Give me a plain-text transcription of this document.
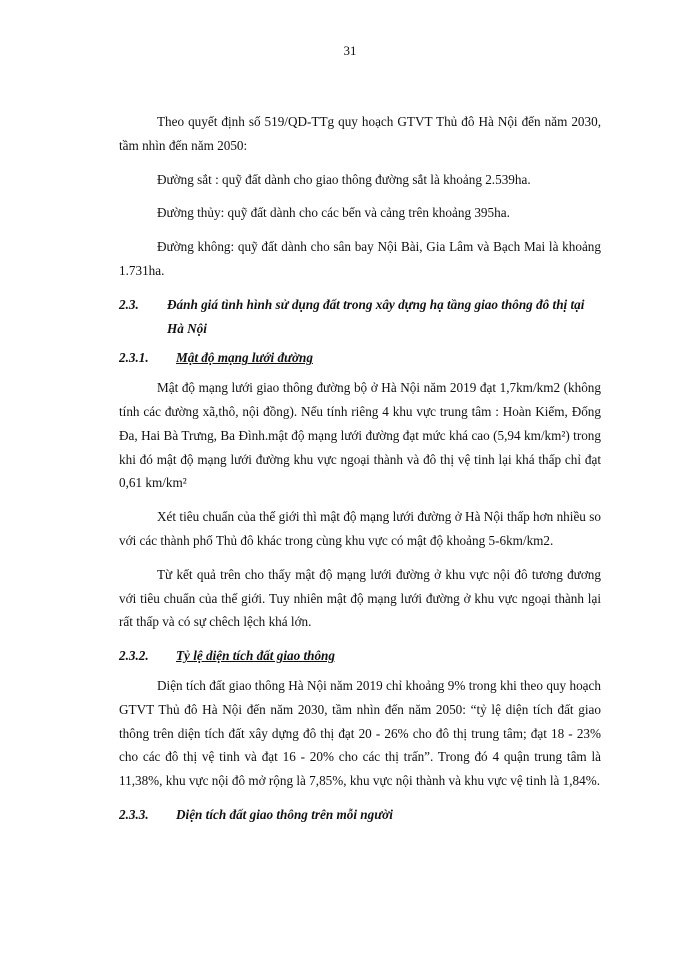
31

Theo quyết định số 519/QD-TTg quy hoạch GTVT Thủ đô Hà Nội đến năm 2030, tầm nhìn đến năm 2050:

Đường sắt : quỹ đất dành cho giao thông đường sắt là khoảng 2.539ha.

Đường thủy: quỹ đất dành cho các bến và cảng trên khoảng 395ha.

Đường không: quỹ đất dành cho sân bay Nội Bài, Gia Lâm và Bạch Mai là khoảng 1.731ha.

2.3.	Đánh giá tình hình sử dụng đất trong xây dựng hạ tầng giao thông đô thị tại Hà Nội
2.3.1. Mật độ mạng lưới đường

Mật độ mạng lưới giao thông đường bộ ở Hà Nội năm 2019 đạt 1,7km/km2 (không tính các đường xã,thô, nội đồng). Nếu tính riêng 4 khu vực trung tâm : Hoàn Kiếm, Đống Đa, Hai Bà Trưng, Ba Đình.mật độ mạng lưới đường đạt mức khá cao (5,94 km/km²) trong khi đó mật độ mạng lưới đường khu vực ngoại thành và đô thị vệ tinh lại khá thấp chỉ đạt 0,61 km/km²

Xét tiêu chuẩn của thế giới thì mật độ mạng lưới đường ở Hà Nội thấp hơn nhiều so với các thành phố Thủ đô khác trong cùng khu vực có mật độ khoảng 5-6km/km2.

Từ kết quả trên cho thấy mật độ mạng lưới đường ở khu vực nội đô tương đương với tiêu chuẩn của thế giới. Tuy nhiên mật độ mạng lưới đường ở khu vực ngoại thành lại rất thấp và có sự chêch lệch khá lớn.

2.3.2. Tỷ lệ diện tích đất giao thông

Diện tích đất giao thông Hà Nội năm 2019 chỉ khoảng 9% trong khi theo quy hoạch GTVT Thủ đô Hà Nội đến năm 2030, tầm nhìn đến năm 2050: “tỷ lệ diện tích đất giao thông trên diện tích đất xây dựng đô thị đạt 20 - 26% cho đô thị trung tâm; đạt 18 - 23% cho các đô thị vệ tinh và đạt 16 - 20% cho các thị trấn”. Trong đó 4 quận trung tâm là 11,38%, khu vực nội đô mở rộng là 7,85%, khu vực nội thành và khu vực vệ tinh là 1,84%.

2.3.3. Diện tích đất giao thông trên mỗi người
